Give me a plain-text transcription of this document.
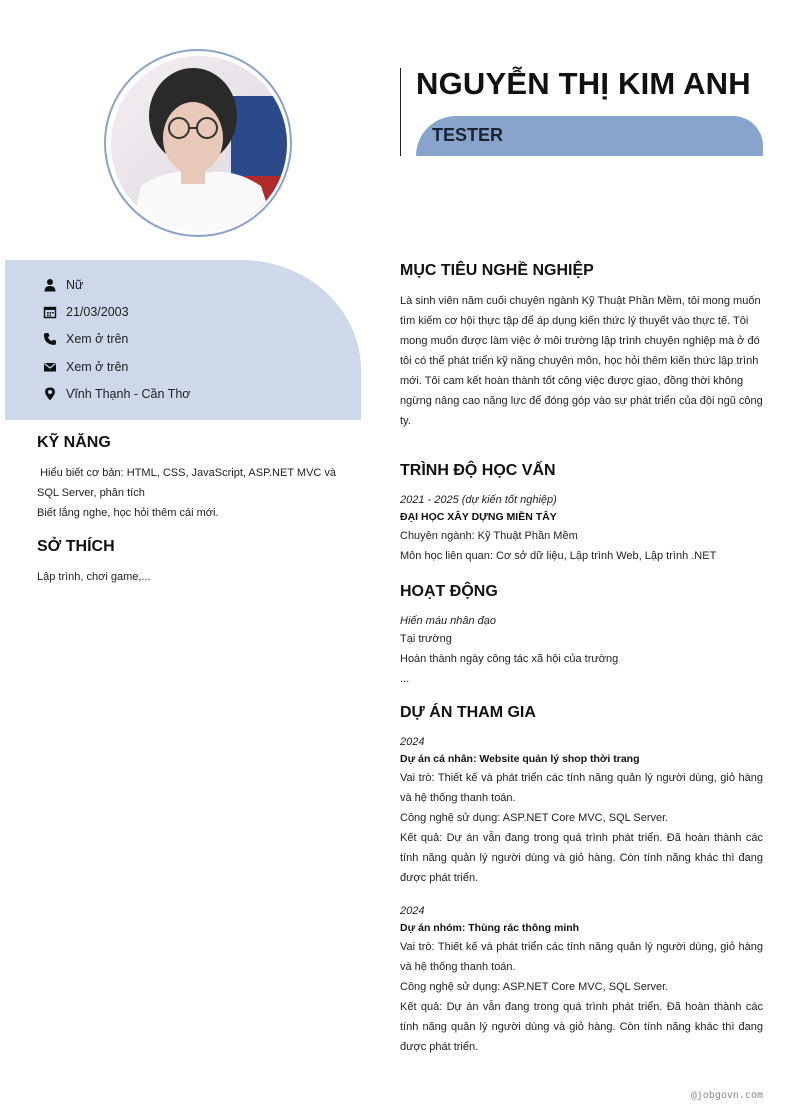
NGUYỄN THỊ KIM ANH
TESTER
Nữ
21/03/2003
Xem ở trên
Xem ở trên
Vĩnh Thạnh - Cần Thơ
KỸ NĂNG
Hiểu biết cơ bản: HTML, CSS, JavaScript, ASP.NET MVC và SQL Server, phân tích
Biết lắng nghe, học hỏi thêm cái mới.
SỞ THÍCH
Lập trình, chơi game,...
MỤC TIÊU NGHỀ NGHIỆP
Là sinh viên năm cuối chuyên ngành Kỹ Thuật Phần Mềm, tôi mong muốn tìm kiếm cơ hội thực tập để áp dụng kiến thức lý thuyết vào thực tế. Tôi mong muốn được làm việc ở môi trường lập trình chuyên nghiệp mà ở đó tôi có thể phát triển kỹ năng chuyên môn, học hỏi thêm kiến thức lập trình mới. Tôi cam kết hoàn thành tốt công việc được giao, đồng thời không ngừng nâng cao năng lực để đóng góp vào sự phát triển của đội ngũ công ty.
TRÌNH ĐỘ HỌC VẤN
2021 - 2025 (dự kiến tốt nghiệp)
ĐẠI HỌC XÂY DỰNG MIỀN TÂY
Chuyên ngành: Kỹ Thuật Phần Mềm
Môn học liên quan: Cơ sở dữ liệu, Lập trình Web, Lập trình .NET
HOẠT ĐỘNG
Hiến máu nhân đạo
Tại trường
Hoàn thành ngày công tác xã hội của trường
...
DỰ ÁN THAM GIA
2024
Dự án cá nhân: Website quản lý shop thời trang
Vai trò: Thiết kế và phát triển các tính năng quản lý người dùng, giỏ hàng và hệ thống thanh toán.
Công nghệ sử dụng: ASP.NET Core MVC, SQL Server.
Kết quả: Dự án vẫn đang trong quá trình phát triển. Đã hoàn thành các tính năng quản lý người dùng và giỏ hàng. Còn tính năng khác thì đang được phát triển.
2024
Dự án nhóm: Thùng rác thông minh
Vai trò: Thiết kế và phát triển các tính năng quản lý người dùng, giỏ hàng và hệ thống thanh toán.
Công nghệ sử dụng: ASP.NET Core MVC, SQL Server.
Kết quả: Dự án vẫn đang trong quá trình phát triển. Đã hoàn thành các tính năng quản lý người dùng và giỏ hàng. Còn tính năng khác thì đang được phát triển.
@jobgovn.com
